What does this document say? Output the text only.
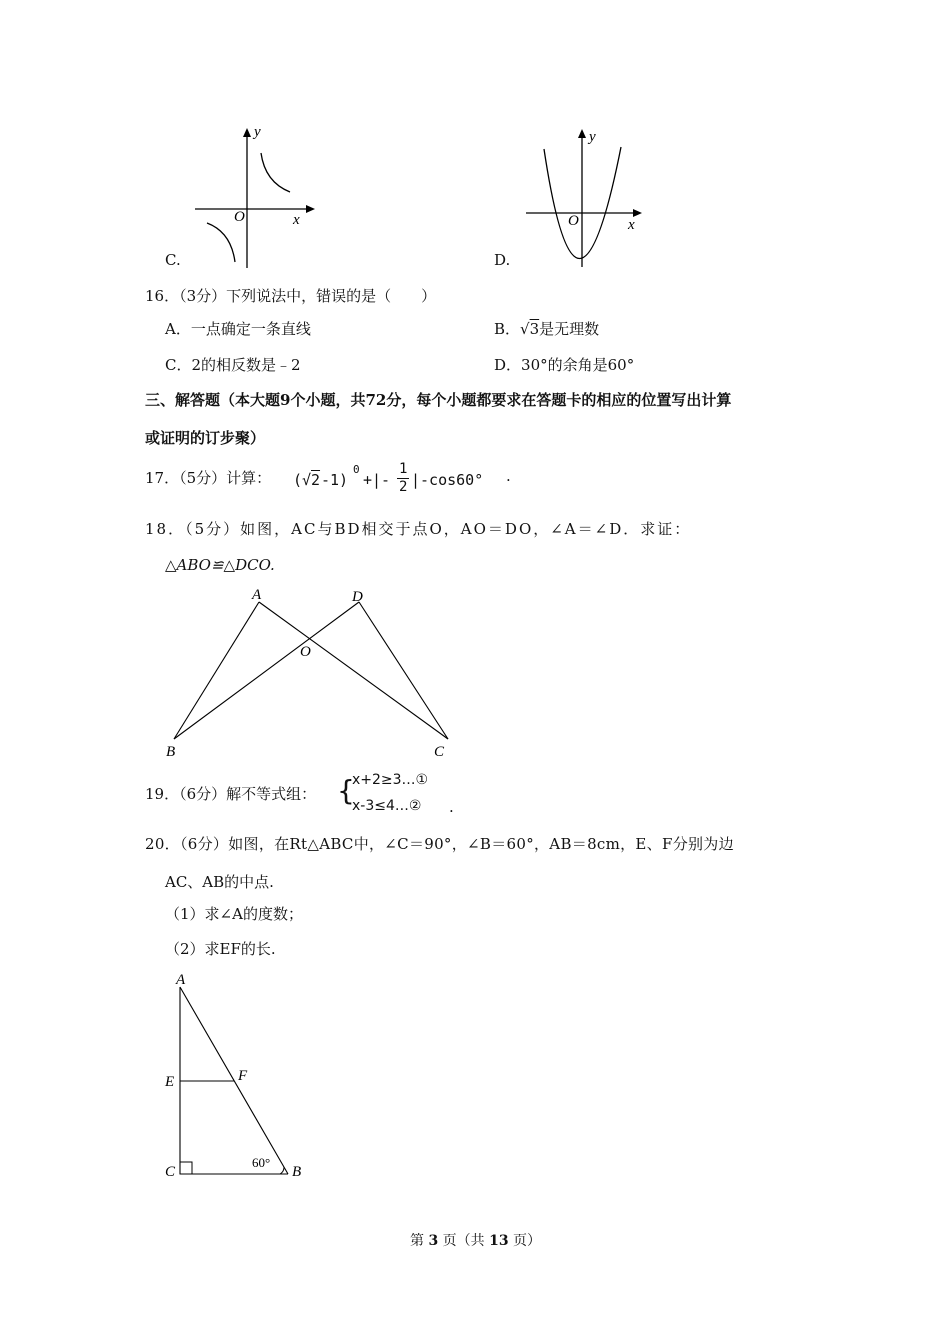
y
x
O
C.
y
x
O
D.
16．（3分）下列说法中，错误的是（　　）
A．一点确定一条直线	B．√3是无理数
C．2的相反数是﹣2	D．30°的余角是60°
三、解答题（本大题9个小题，共72分，每个小题都要求在答题卡的相应的位置写出计算
或证明的订步聚）
17．（5分）计算： ( √ 2 -1)
0
+|-
1
2 |-cos60° .
18．（5分）如图，AC与BD相交于点O，AO＝DO，∠A＝∠D．求证：
△ABO≌△DCO.
A	D
O
B	C
19．（6分）解不等式组： {
x+2≥3…①
x-3≤4…② .
20．（6分）如图，在Rt△ABC中，∠C＝90°，∠B＝60°，AB＝8cm，E、F分别为边
AC、AB的中点.
（1）求∠A的度数；
（2）求EF的长.
A
E	F
C	B
60°
第 3 页（共 13 页）
